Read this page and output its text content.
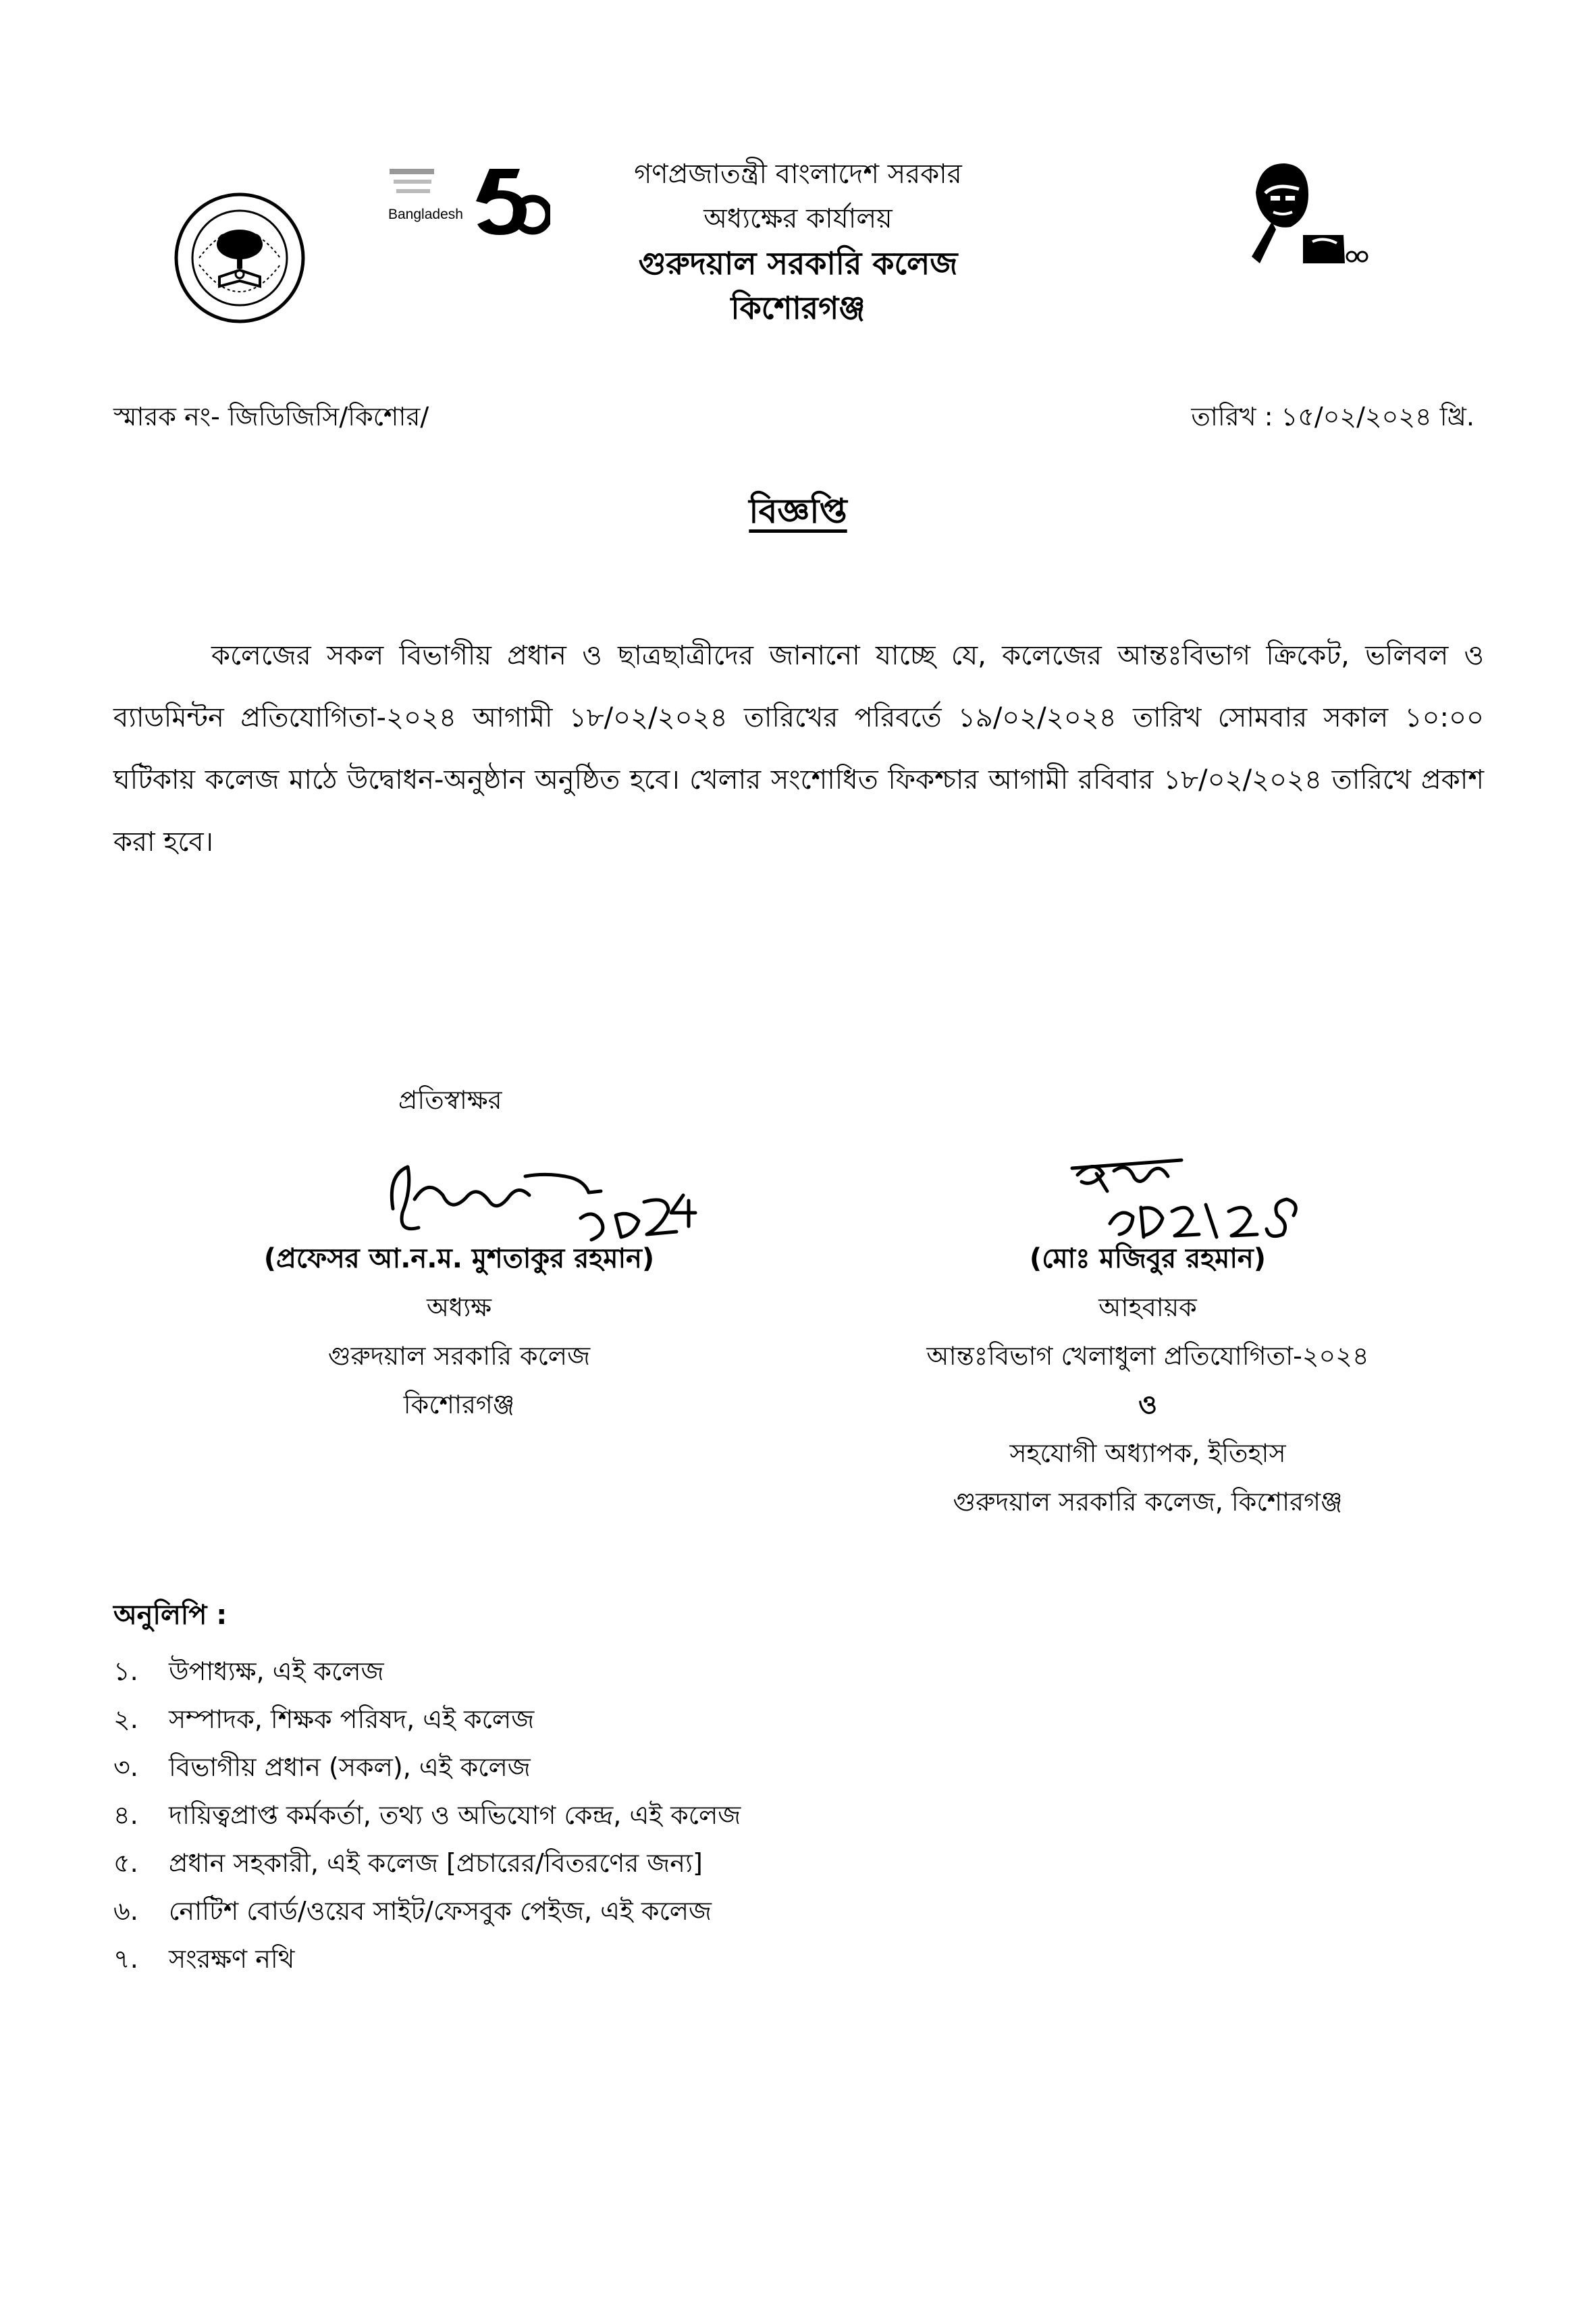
Bangladesh
গণপ্রজাতন্ত্রী বাংলাদেশ সরকার
অধ্যক্ষের কার্যালয়
গুরুদয়াল সরকারি কলেজ
কিশোরগঞ্জ
স্মারক নং- জিডিজিসি/কিশোর/	তারিখ : ১৫/০২/২০২৪ খ্রি.
বিজ্ঞপ্তি
কলেজের সকল বিভাগীয় প্রধান ও ছাত্রছাত্রীদের জানানো যাচ্ছে যে, কলেজের আন্তঃবিভাগ ক্রিকেট, ভলিবল ও ব্যাডমিন্টন প্রতিযোগিতা-২০২৪ আগামী ১৮/০২/২০২৪ তারিখের পরিবর্তে ১৯/০২/২০২৪ তারিখ সোমবার সকাল ১০:০০ ঘটিকায় কলেজ মাঠে উদ্বোধন-অনুষ্ঠান অনুষ্ঠিত হবে। খেলার সংশোধিত ফিকশ্চার আগামী রবিবার ১৮/০২/২০২৪ তারিখে প্রকাশ করা হবে।
প্রতিস্বাক্ষর
(প্রফেসর আ.ন.ম. মুশতাকুর রহমান)
অধ্যক্ষ
গুরুদয়াল সরকারি কলেজ
কিশোরগঞ্জ
(মোঃ মজিবুর রহমান)
আহবায়ক
আন্তঃবিভাগ খেলাধুলা প্রতিযোগিতা-২০২৪
ও
সহযোগী অধ্যাপক, ইতিহাস
গুরুদয়াল সরকারি কলেজ, কিশোরগঞ্জ
অনুলিপি :
১. উপাধ্যক্ষ, এই কলেজ
২. সম্পাদক, শিক্ষক পরিষদ, এই কলেজ
৩. বিভাগীয় প্রধান (সকল), এই কলেজ
৪. দায়িত্বপ্রাপ্ত কর্মকর্তা, তথ্য ও অভিযোগ কেন্দ্র, এই কলেজ
৫. প্রধান সহকারী, এই কলেজ [প্রচারের/বিতরণের জন্য]
৬. নোটিশ বোর্ড/ওয়েব সাইট/ফেসবুক পেইজ, এই কলেজ
৭. সংরক্ষণ নথি
